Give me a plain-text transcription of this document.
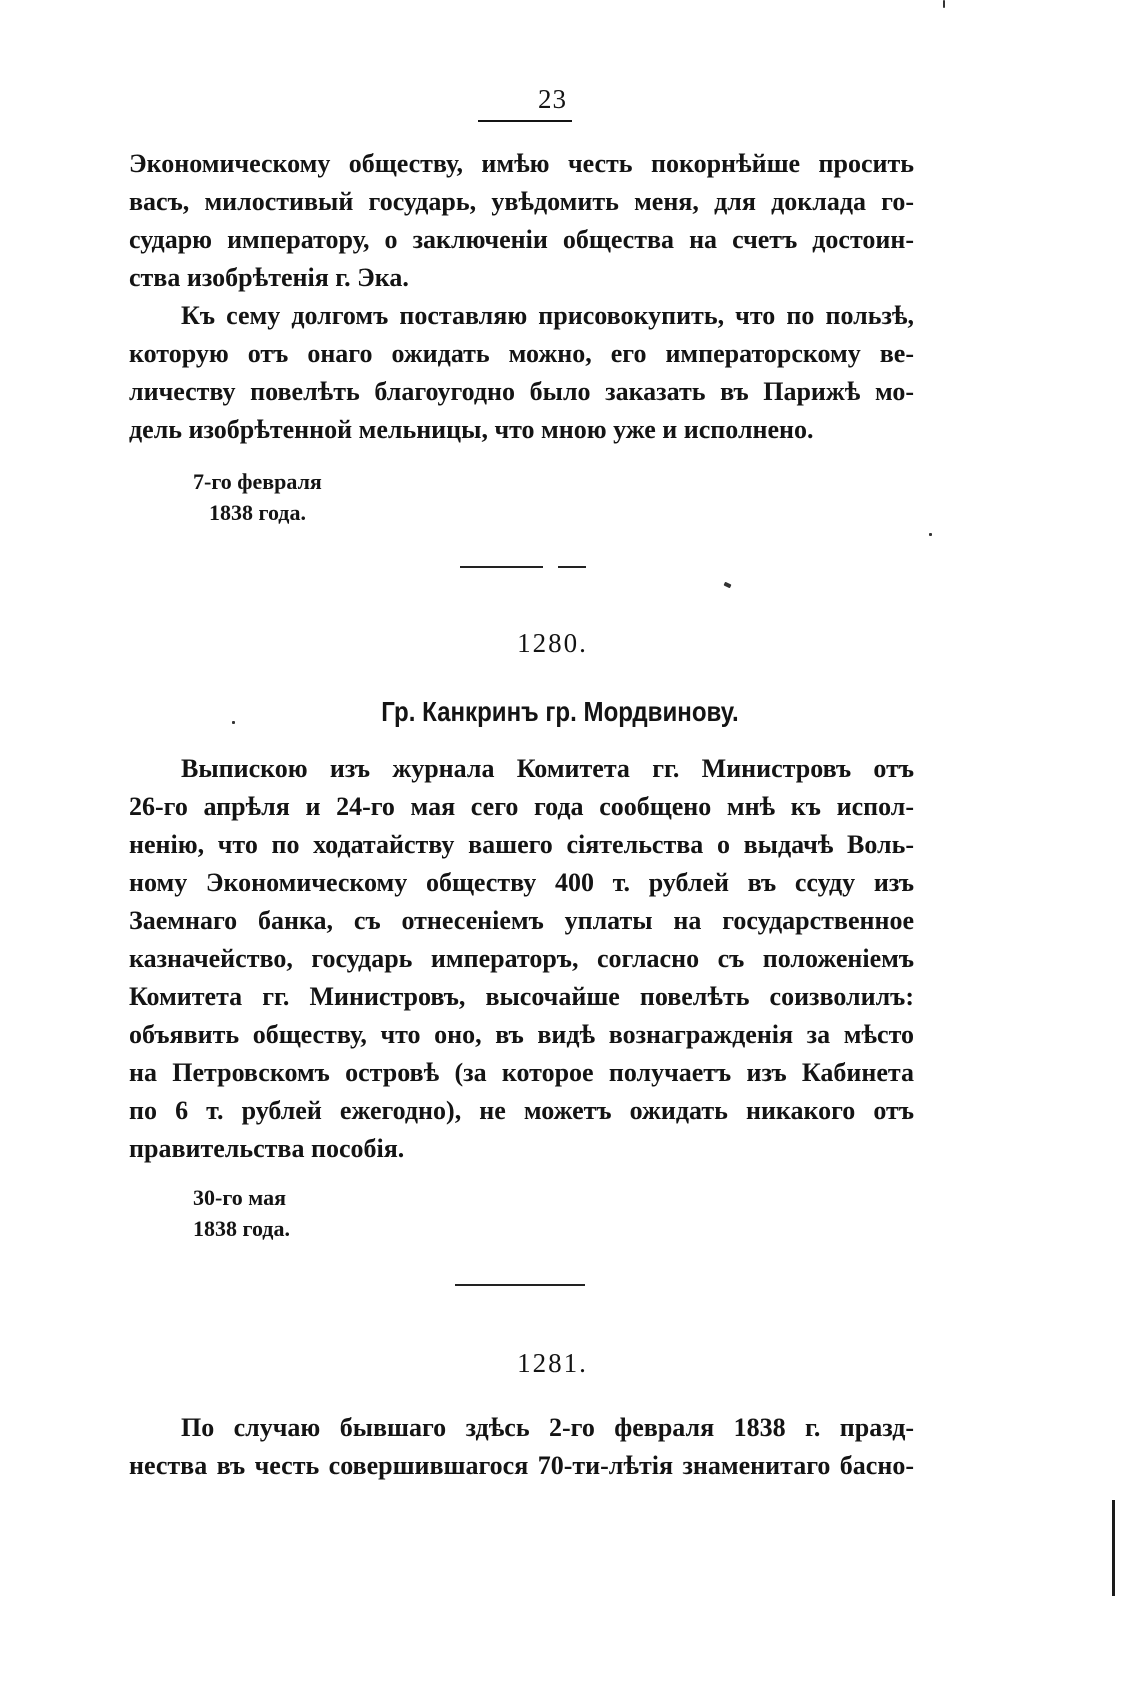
23

Экономическому обществу, имѣю честь покорнѣйше просить
васъ, милостивый государь, увѣдомить меня, для доклада го-
сударю императору, о заключеніи общества на счетъ достоин-
ства изобрѣтенія г. Эка.

Къ сему долгомъ поставляю присовокупить, что по пользѣ,
которую отъ онаго ожидать можно, его императорскому ве-
личеству повелѣть благоугодно было заказать въ Парижѣ мо-
дель изобрѣтенной мельницы, что мною уже и исполнено.

7-го февраля
1838 года.
1280.
Гр. Канкринъ гр. Мордвинову.

Выпискою изъ журнала Комитета гг. Министровъ отъ
26-го апрѣля и 24-го мая сего года сообщено мнѣ къ испол-
ненію, что по ходатайству вашего сіятельства о выдачѣ Воль-
ному Экономическому обществу 400 т. рублей въ ссуду изъ
Заемнаго банка, съ отнесеніемъ уплаты на государственное
казначейство, государь императоръ, согласно съ положеніемъ
Комитета гг. Министровъ, высочайше повелѣть соизволилъ:
объявить обществу, что оно, въ видѣ вознагражденія за мѣсто
на Петровскомъ островѣ (за которое получаетъ изъ Кабинета
по 6 т. рублей ежегодно), не можетъ ожидать никакого отъ
правительства пособія.

30-го мая
1838 года.
1281.

По случаю бывшаго здѣсь 2-го февраля 1838 г. празд-
нества въ честь совершившагося 70-ти-лѣтія знаменитаго басно-
